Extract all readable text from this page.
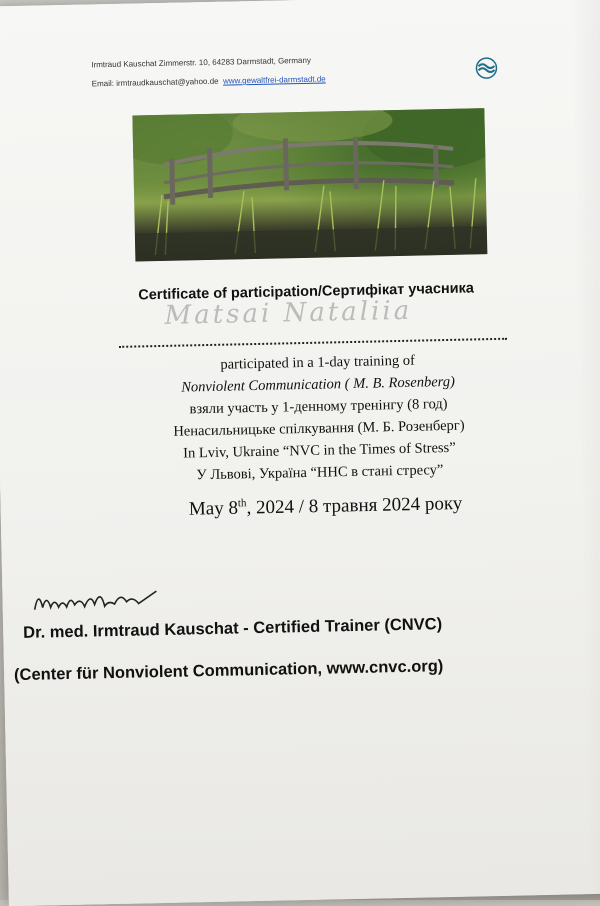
Irmtraud Kauschat Zimmerstr. 10, 64283 Darmstadt, Germany
Email: irmtraudkauschat@yahoo.de www.gewaltfrei-darmstadt.de
Certificate of participation/Сертифікат учасника
Matsai Nataliia
participated in a 1-day training of
Nonviolent Communication ( M. B. Rosenberg)
взяли участь у 1-денному тренінгу (8 год)
Ненасильницьке спілкування (М. Б. Розенберг)
In Lviv, Ukraine “NVC in the Times of Stress”
У Львові, Україна “ННС в стані стресу”
May 8th, 2024 / 8 травня 2024 року
Dr. med. Irmtraud Kauschat - Certified Trainer (CNVC)
(Center für Nonviolent Communication, www.cnvc.org)
